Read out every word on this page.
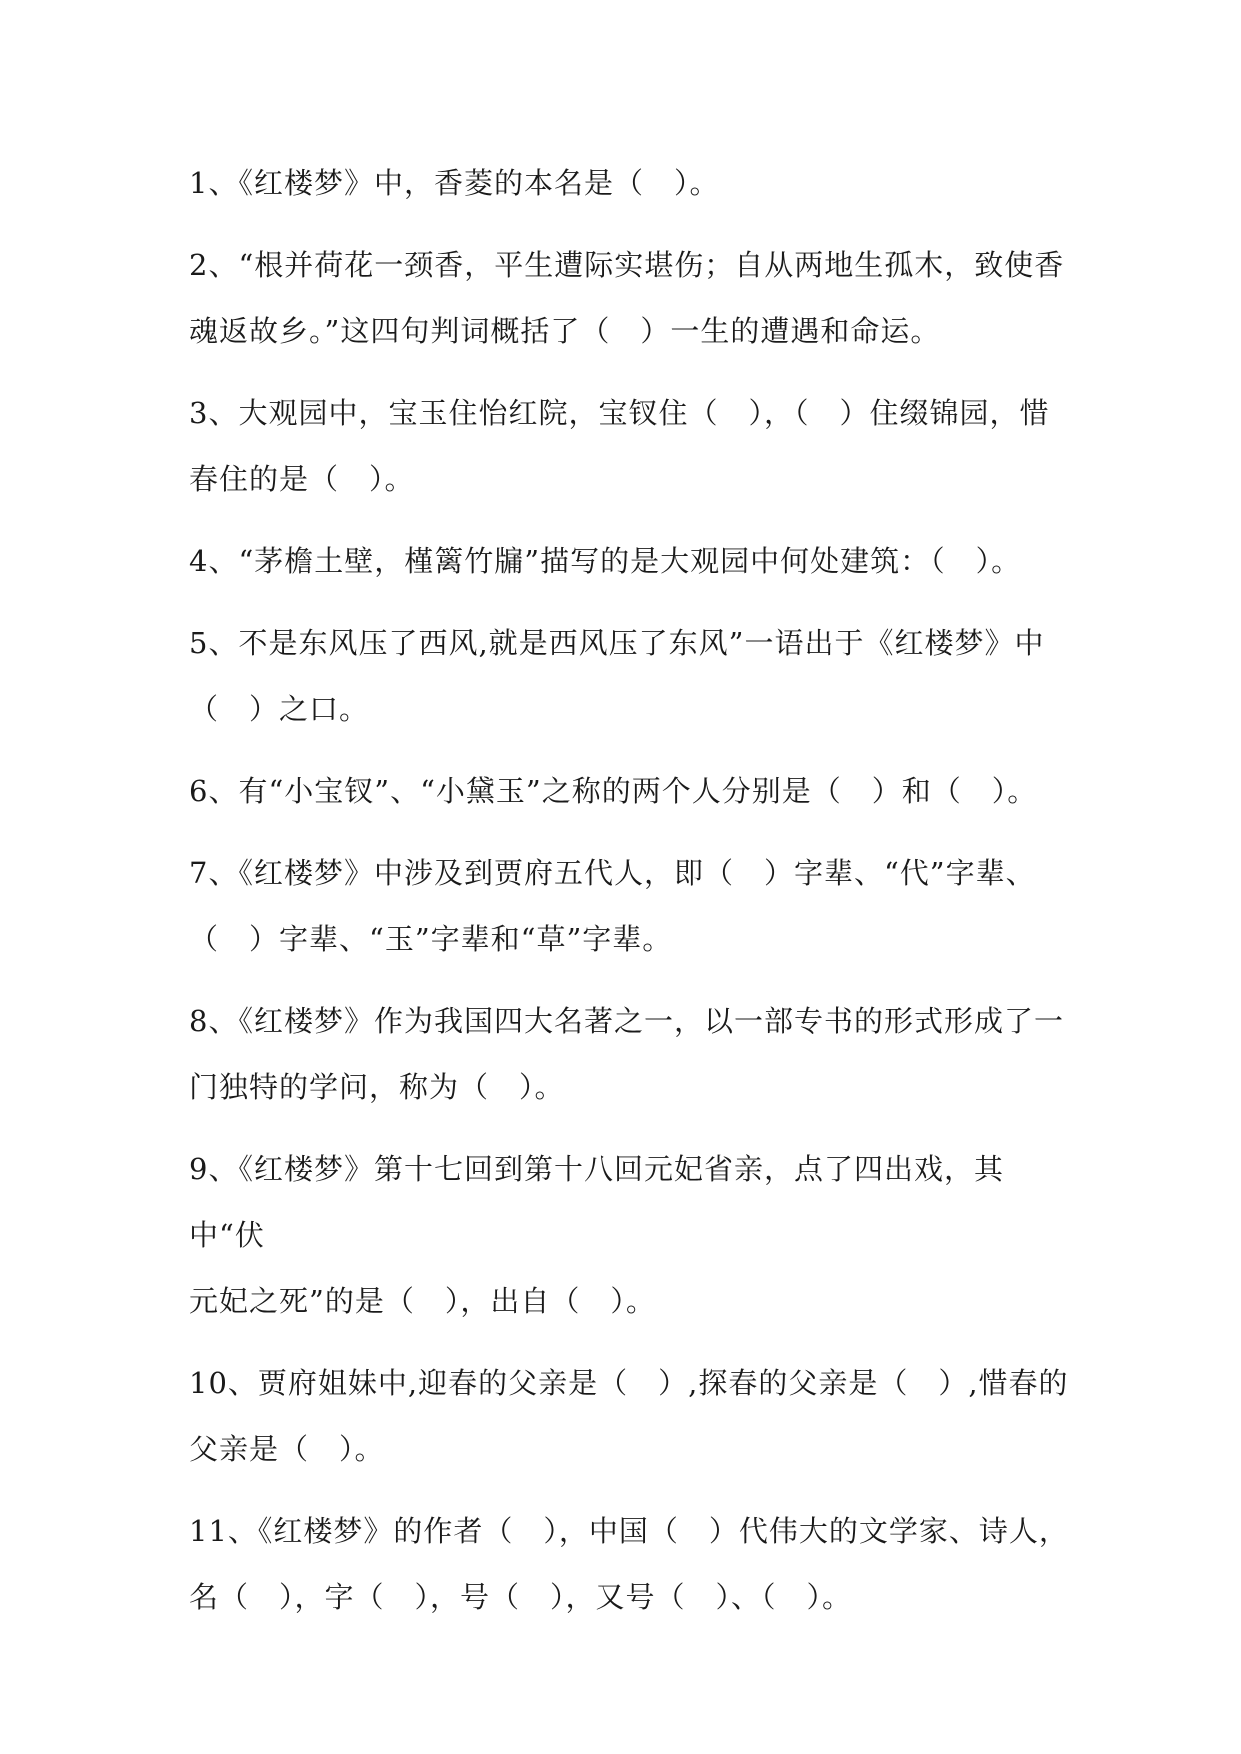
1、《红楼梦》中，香菱的本名是（　）。
2、“根并荷花一颈香，平生遭际实堪伤；自从两地生孤木，致使香
魂返故乡。”这四句判词概括了（　）一生的遭遇和命运。
3、大观园中，宝玉住怡红院，宝钗住（　），（　）住缀锦园，惜
春住的是（　）。
4、“茅檐土壁，槿篱竹牖”描写的是大观园中何处建筑：（　）。
5、不是东风压了西风,就是西风压了东风”一语出于《红楼梦》中
（　）之口。
6、有“小宝钗”、“小黛玉”之称的两个人分别是（　）和（　）。
7、《红楼梦》中涉及到贾府五代人，即（　）字辈、“代”字辈、
（　）字辈、“玉”字辈和“草”字辈。
8、《红楼梦》作为我国四大名著之一，以一部专书的形式形成了一
门独特的学问，称为（　）。
9、《红楼梦》第十七回到第十八回元妃省亲，点了四出戏，其中“伏
元妃之死”的是（　），出自（　）。
10、贾府姐妹中,迎春的父亲是（　）,探春的父亲是（　）,惜春的
父亲是（　）。
11、《红楼梦》的作者（　），中国（　）代伟大的文学家、诗人，
名（　），字（　），号（　），又号（　）、（　）。
